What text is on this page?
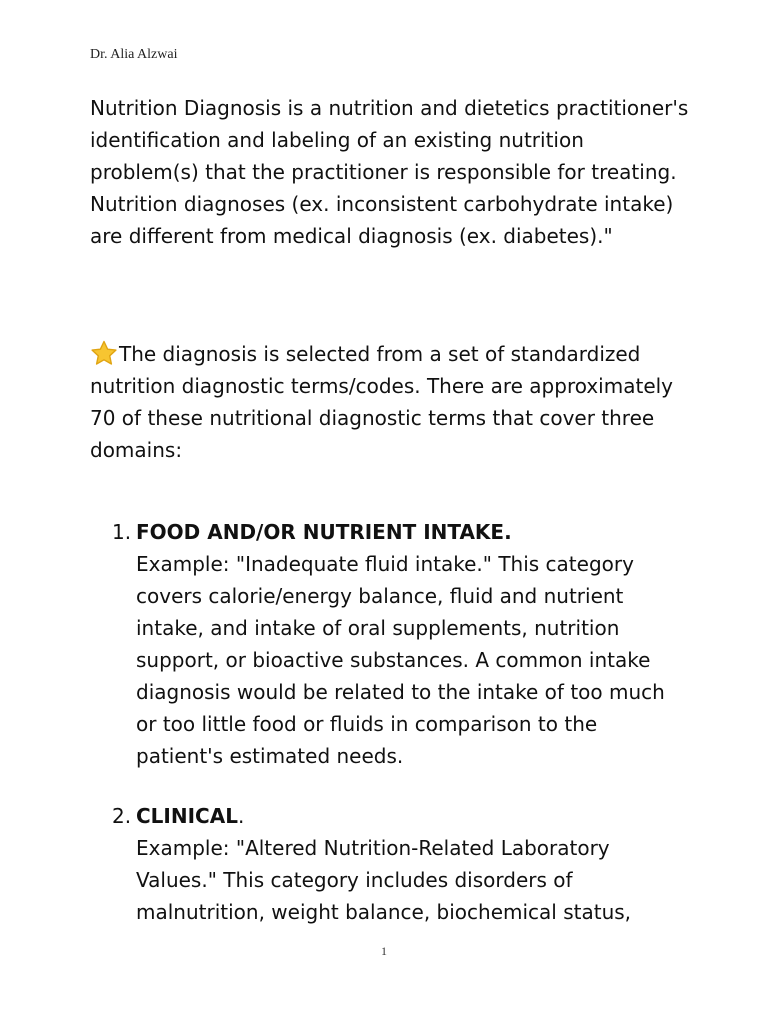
Dr. Alia Alzwai

Nutrition Diagnosis is a nutrition and dietetics practitioner's identification and labeling of an existing nutrition problem(s) that the practitioner is responsible for treating. Nutrition diagnoses (ex. inconsistent carbohydrate intake) are different from medical diagnosis (ex. diabetes)."

The diagnosis is selected from a set of standardized nutrition diagnostic terms/codes. There are approximately 70 of these nutritional diagnostic terms that cover three domains:

1. FOOD AND/OR NUTRIENT INTAKE.
Example: "Inadequate fluid intake." This category covers calorie/energy balance, fluid and nutrient intake, and intake of oral supplements, nutrition support, or bioactive substances. A common intake diagnosis would be related to the intake of too much or too little food or fluids in comparison to the patient's estimated needs.
2. CLINICAL.
Example: "Altered Nutrition-Related Laboratory Values." This category includes disorders of malnutrition, weight balance, biochemical status,
1
